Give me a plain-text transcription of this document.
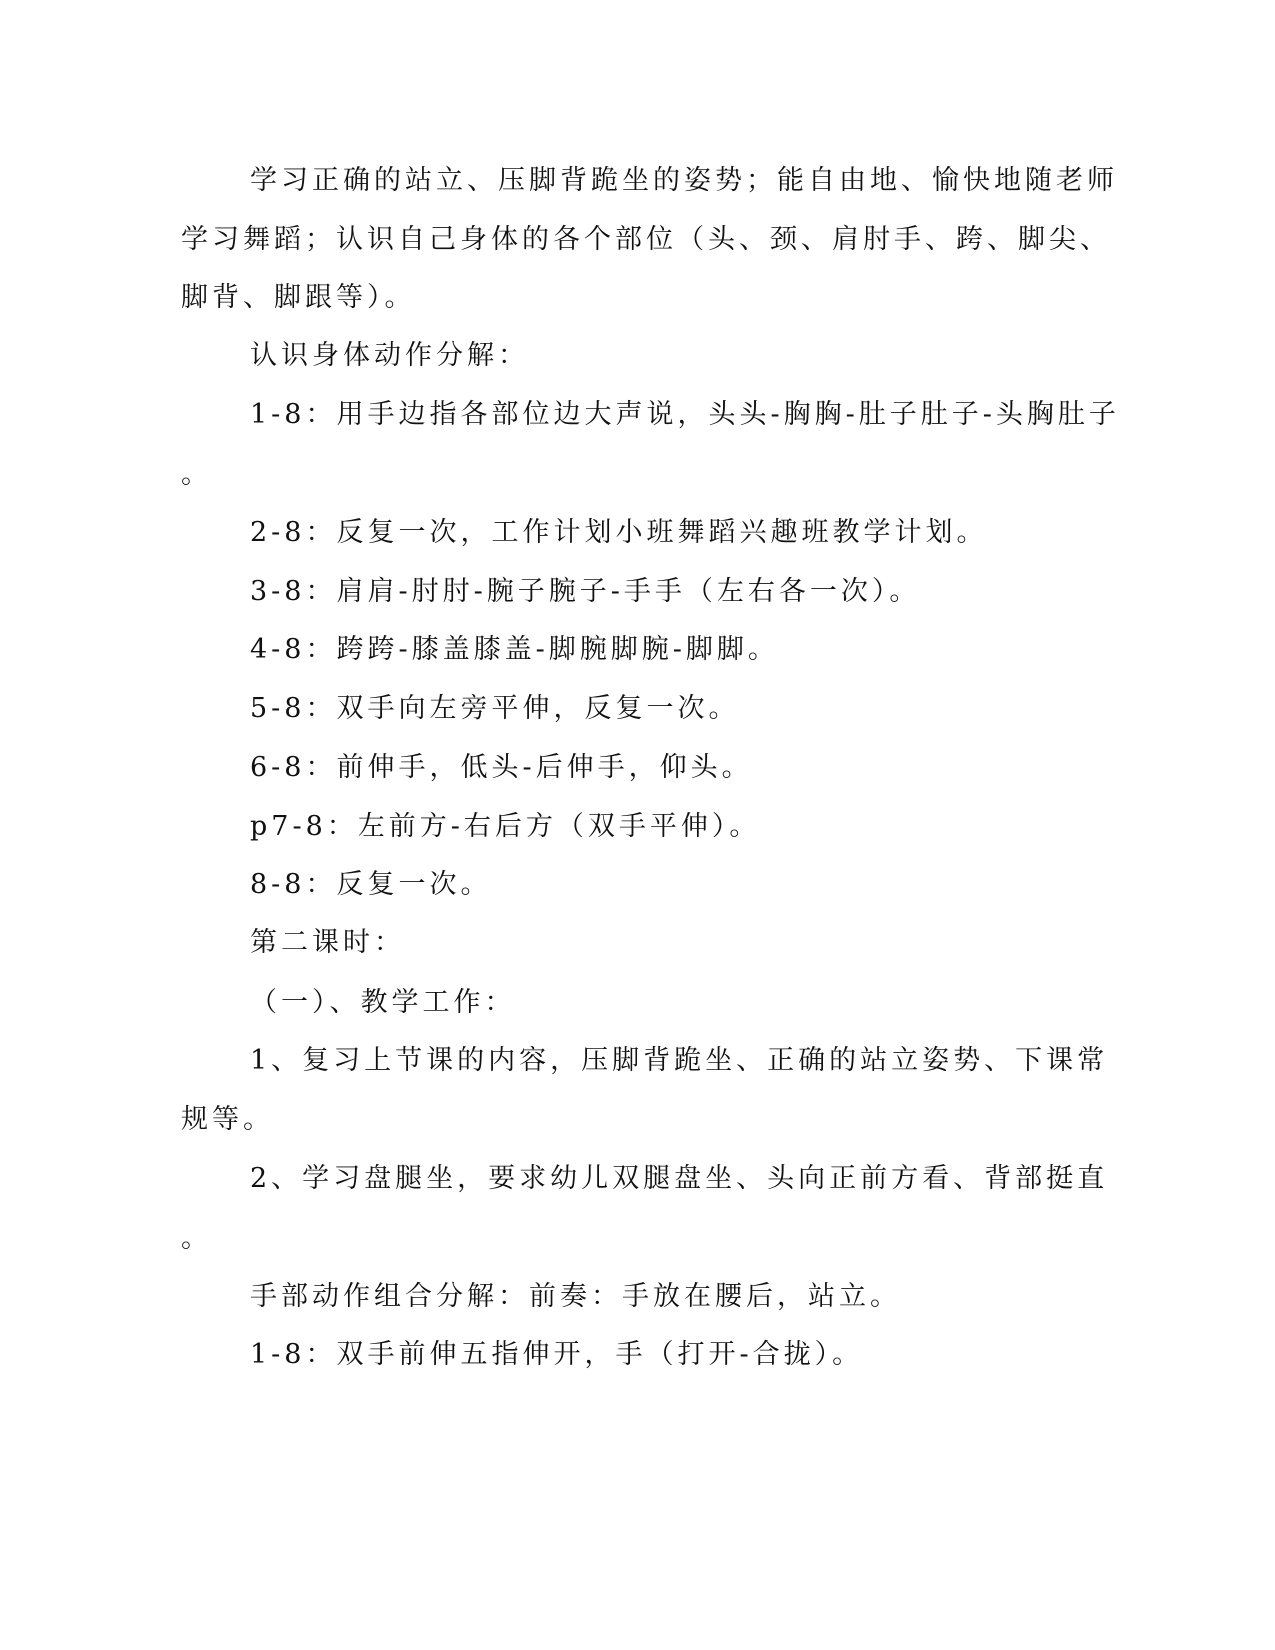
学习正确的站立、压脚背跪坐的姿势；能自由地、愉快地随老师
学习舞蹈；认识自己身体的各个部位（头、颈、肩肘手、跨、脚尖、
脚背、脚跟等）。
认识身体动作分解：
1-8：用手边指各部位边大声说，头头-胸胸-肚子肚子-头胸肚子
。
2-8：反复一次，工作计划小班舞蹈兴趣班教学计划。
3-8：肩肩-肘肘-腕子腕子-手手（左右各一次）。
4-8：跨跨-膝盖膝盖-脚腕脚腕-脚脚。
5-8：双手向左旁平伸，反复一次。
6-8：前伸手，低头-后伸手，仰头。
p7-8：左前方-右后方（双手平伸）。
8-8：反复一次。
第二课时：
（一）、教学工作：
1、复习上节课的内容，压脚背跪坐、正确的站立姿势、下课常
规等。
2、学习盘腿坐，要求幼儿双腿盘坐、头向正前方看、背部挺直
。
手部动作组合分解：前奏：手放在腰后，站立。
1-8：双手前伸五指伸开，手（打开-合拢）。
